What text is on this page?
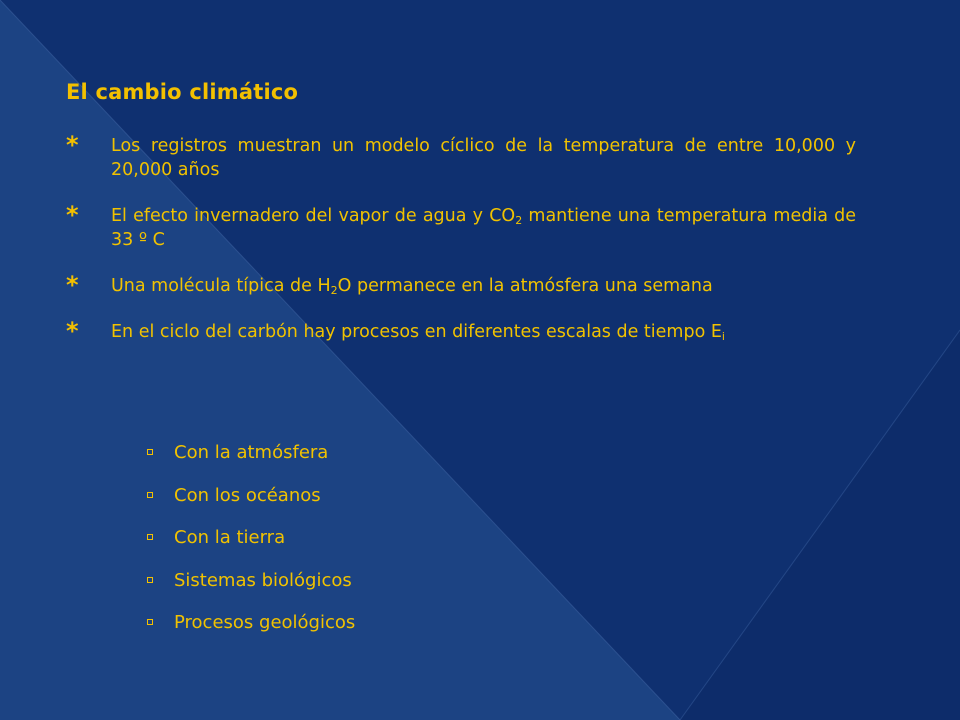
El cambio climático
* Los registros muestran un modelo cíclico de la temperatura de entre 10,000 y 20,000 años
* El efecto invernadero del vapor de agua y $CO_2$ mantiene una temperatura media de 33 º C
* Una molécula típica de $H_2O$ permanece en la atmósfera una semana
* En el ciclo del carbón hay procesos en diferentes escalas de tiempo $E_i$
Con la atmósfera
Con los océanos
Con la tierra
Sistemas biológicos
Procesos geológicos
